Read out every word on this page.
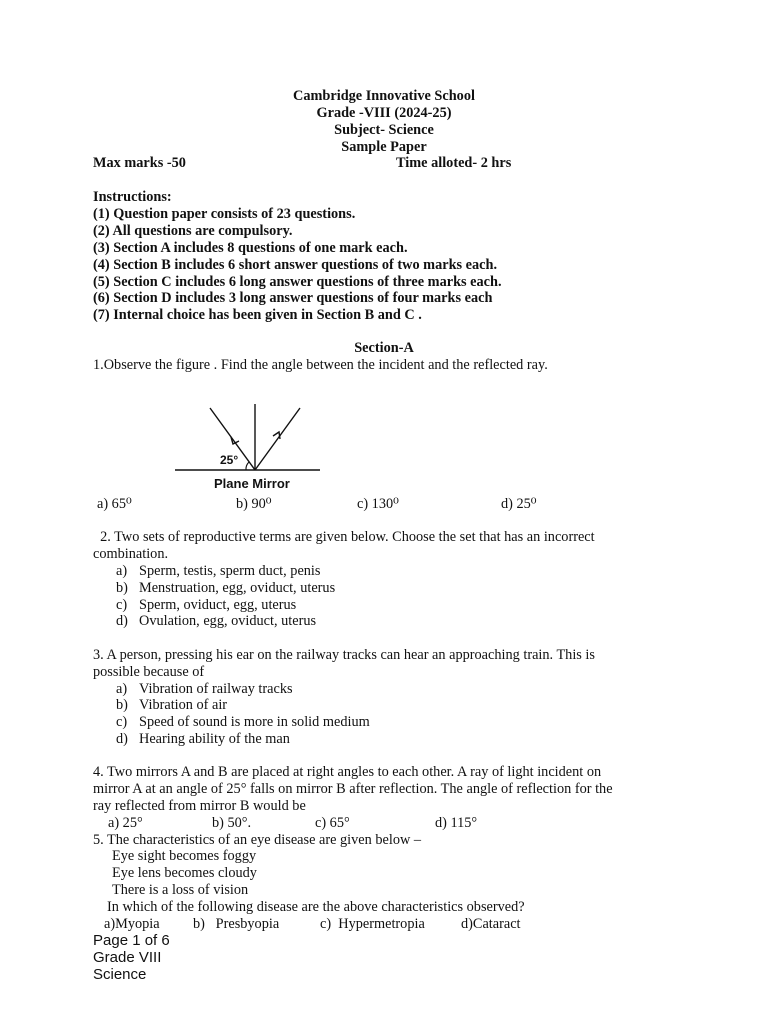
Cambridge Innovative School
Grade -VIII (2024-25)
Subject- Science
Sample Paper
Max marks -50	Time alloted- 2 hrs
Instructions:
(1) Question paper consists of 23 questions.
(2) All questions are compulsory.
(3) Section A includes 8 questions of one mark each.
(4) Section B includes 6 short answer questions of two marks each.
(5) Section C includes 6 long answer questions of three marks each.
(6) Section D includes 3 long answer questions of four marks each
(7) Internal choice has been given in Section B and C .
Section-A
1.Observe the figure . Find the angle between the incident and the reflected ray.
25°
Plane Mirror
a) 65⁰	b) 90⁰	c) 130⁰	d) 25⁰
2. Two sets of reproductive terms are given below. Choose the set that has an incorrect
combination.
a) Sperm, testis, sperm duct, penis
b) Menstruation, egg, oviduct, uterus
c) Sperm, oviduct, egg, uterus
d) Ovulation, egg, oviduct, uterus
3. A person, pressing his ear on the railway tracks can hear an approaching train. This is
possible because of
a) Vibration of railway tracks
b) Vibration of air
c) Speed of sound is more in solid medium
d) Hearing ability of the man
4. Two mirrors A and B are placed at right angles to each other. A ray of light incident on
mirror A at an angle of 25° falls on mirror B after reflection. The angle of reflection for the
ray reflected from mirror B would be
a) 25°	b) 50°.	c) 65°	d) 115°
5. The characteristics of an eye disease are given below –
Eye sight becomes foggy
Eye lens becomes cloudy
There is a loss of vision
In which of the following disease are the above characteristics observed?
a)Myopia b)   Presbyopia	c)  Hypermetropia	d)Cataract
Page 1 of 6
Grade VIII
Science
